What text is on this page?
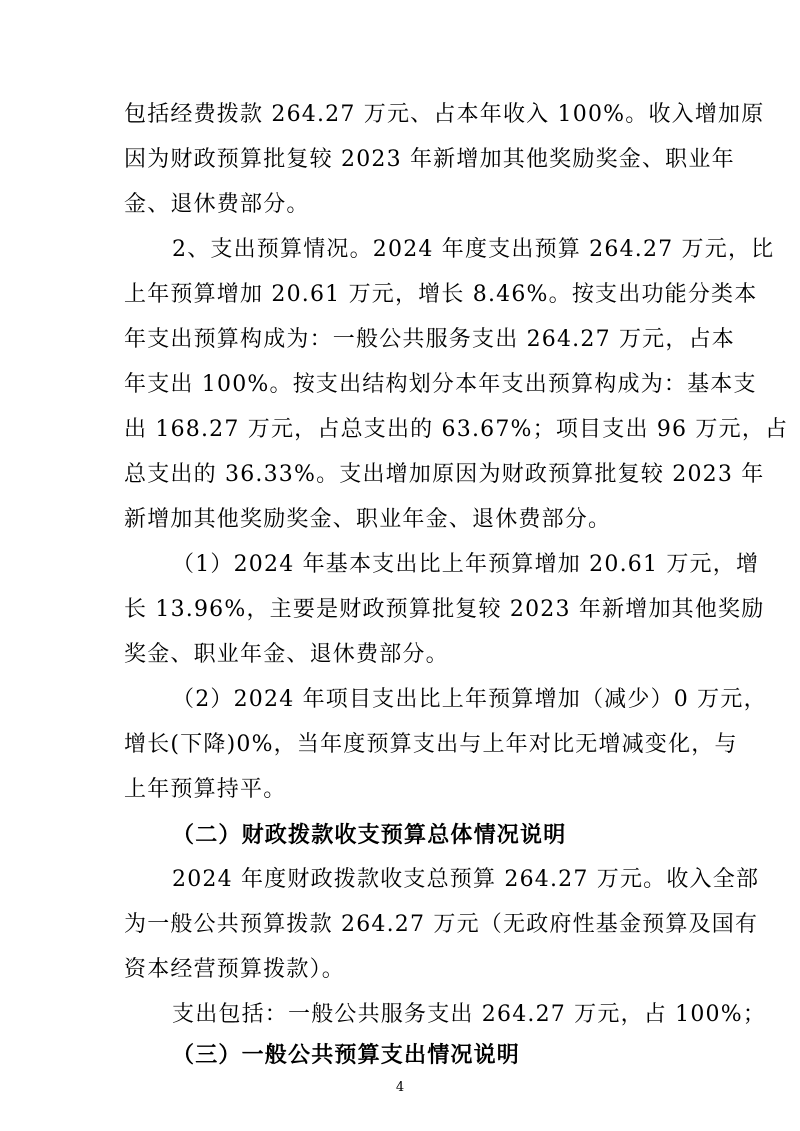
包括经费拨款 264.27 万元、占本年收入 100%。收入增加原
因为财政预算批复较 2023 年新增加其他奖励奖金、职业年
金、退休费部分。
2、支出预算情况。2024 年度支出预算 264.27 万元，比
上年预算增加 20.61 万元，增长 8.46%。按支出功能分类本
年支出预算构成为：一般公共服务支出 264.27 万元，占本
年支出 100%。按支出结构划分本年支出预算构成为：基本支
出 168.27 万元，占总支出的 63.67%；项目支出 96 万元，占
总支出的 36.33%。支出增加原因为财政预算批复较 2023 年
新增加其他奖励奖金、职业年金、退休费部分。
（1）2024 年基本支出比上年预算增加 20.61 万元，增
长 13.96%，主要是财政预算批复较 2023 年新增加其他奖励
奖金、职业年金、退休费部分。
（2）2024 年项目支出比上年预算增加（减少）0 万元，
增长(下降)0%，当年度预算支出与上年对比无增减变化，与
上年预算持平。
（二）财政拨款收支预算总体情况说明
2024 年度财政拨款收支总预算 264.27 万元。收入全部
为一般公共预算拨款 264.27 万元（无政府性基金预算及国有
资本经营预算拨款）。
支出包括：一般公共服务支出 264.27 万元，占 100%；
（三）一般公共预算支出情况说明
4
